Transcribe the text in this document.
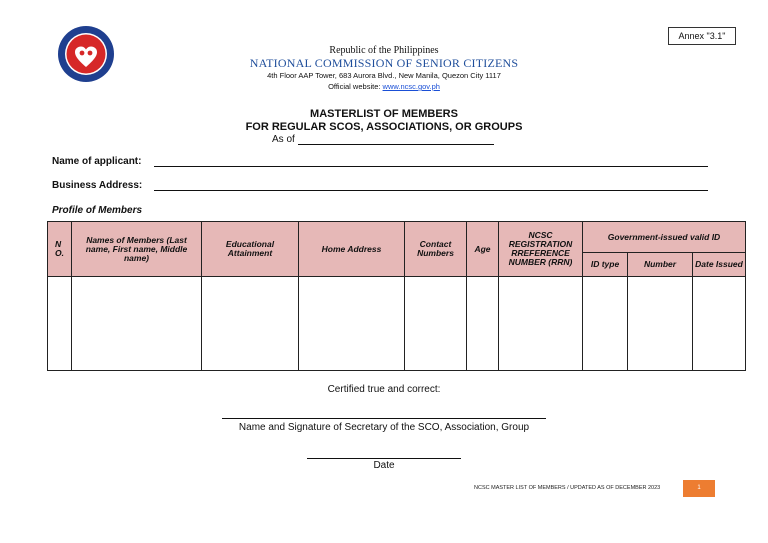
Annex "3.1"
Republic of the Philippines
NATIONAL COMMISSION OF SENIOR CITIZENS
4th Floor AAP Tower, 683 Aurora Blvd., New Manila, Quezon City 1117
Official website: www.ncsc.gov.ph
MASTERLIST OF MEMBERS
FOR REGULAR SCOS, ASSOCIATIONS, OR GROUPS
As of
Name of applicant:
Business Address:
Profile of Members
N O.	Names of Members (Last name, First name, Middle name)	Educational Attainment	Home Address	Contact Numbers	Age	NCSC REGISTRATION RREFERENCE NUMBER (RRN)	Government-issued valid ID		
							ID type	Number	Date Issued

Certified true and correct:
Name and Signature of Secretary of the SCO, Association, Group
Date
NCSC MASTER LIST OF MEMBERS / UPDATED AS OF DECEMBER 2023	1
